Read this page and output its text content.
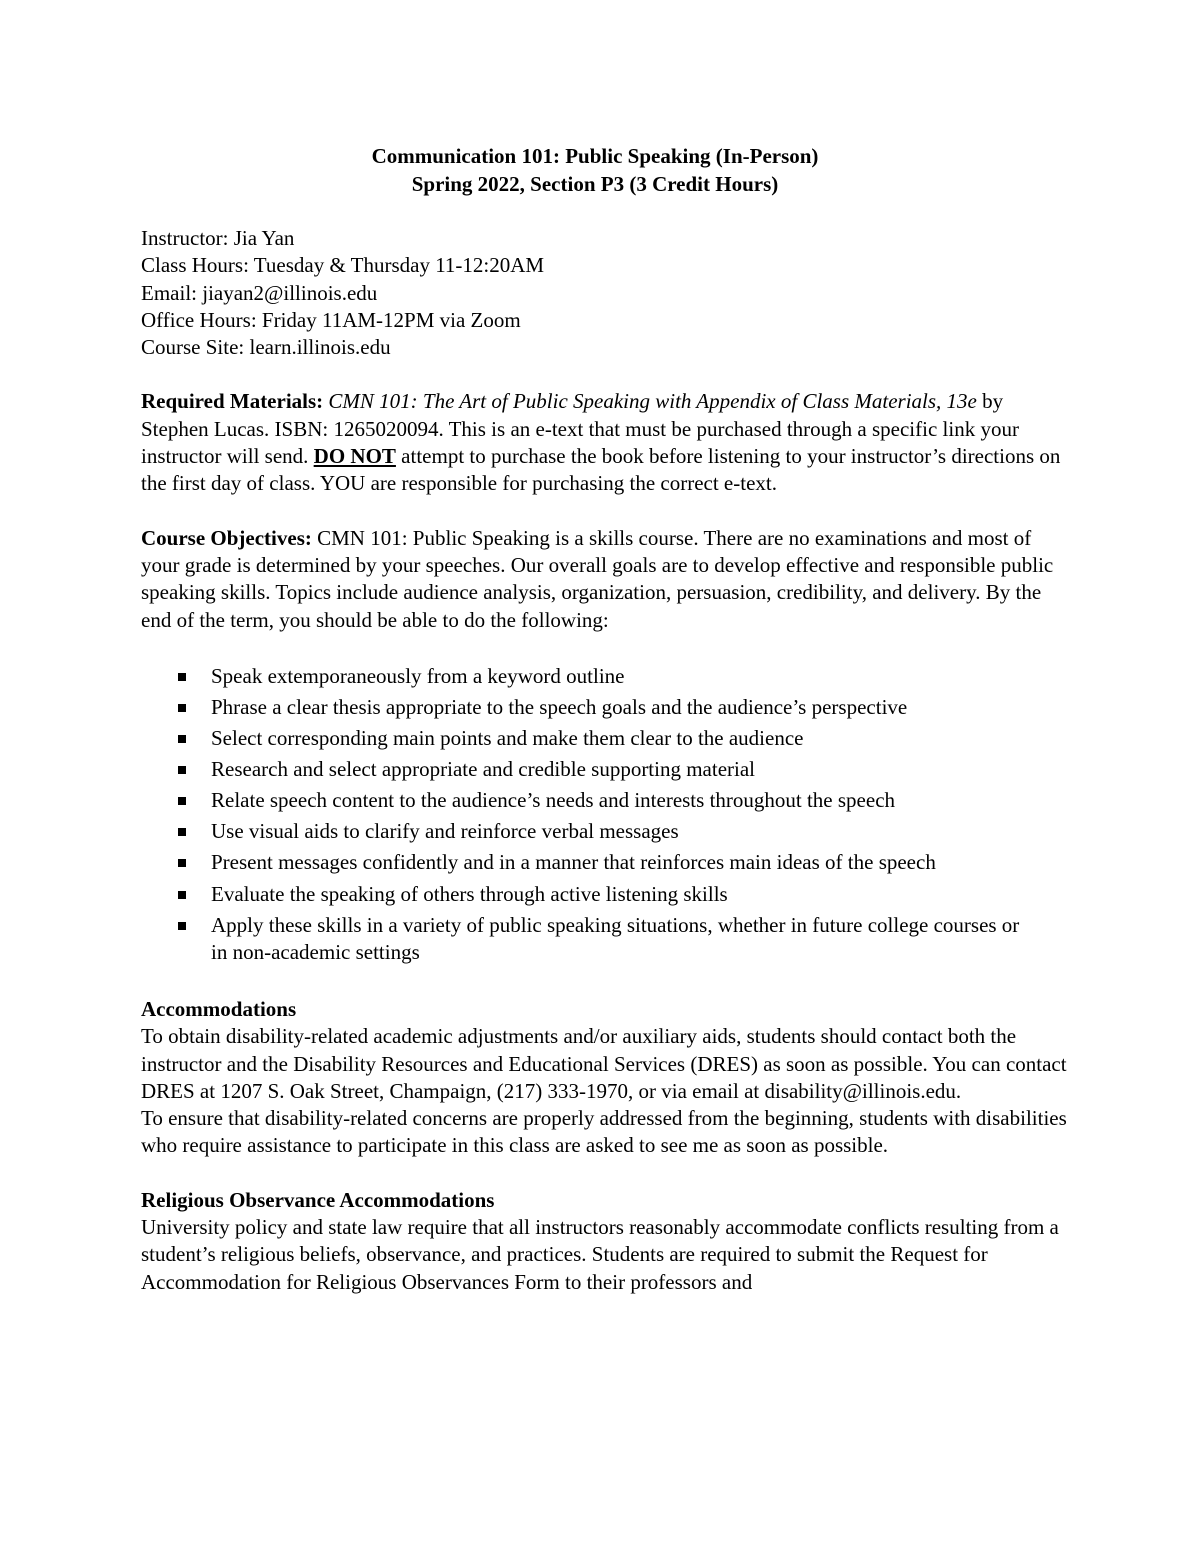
Communication 101: Public Speaking (In-Person)
Spring 2022, Section P3 (3 Credit Hours)
Instructor: Jia Yan
Class Hours: Tuesday & Thursday 11-12:20AM
Email: jiayan2@illinois.edu
Office Hours: Friday 11AM-12PM via Zoom
Course Site: learn.illinois.edu

Required Materials: CMN 101: The Art of Public Speaking with Appendix of Class Materials, 13e by Stephen Lucas. ISBN: 1265020094. This is an e-text that must be purchased through a specific link your instructor will send. DO NOT attempt to purchase the book before listening to your instructor’s directions on the first day of class. YOU are responsible for purchasing the correct e-text.

Course Objectives: CMN 101: Public Speaking is a skills course. There are no examinations and most of your grade is determined by your speeches. Our overall goals are to develop effective and responsible public speaking skills. Topics include audience analysis, organization, persuasion, credibility, and delivery. By the end of the term, you should be able to do the following:

Speak extemporaneously from a keyword outline
Phrase a clear thesis appropriate to the speech goals and the audience’s perspective
Select corresponding main points and make them clear to the audience
Research and select appropriate and credible supporting material
Relate speech content to the audience’s needs and interests throughout the speech
Use visual aids to clarify and reinforce verbal messages
Present messages confidently and in a manner that reinforces main ideas of the speech
Evaluate the speaking of others through active listening skills
Apply these skills in a variety of public speaking situations, whether in future college courses or in non-academic settings
Accommodations

To obtain disability-related academic adjustments and/or auxiliary aids, students should contact both the instructor and the Disability Resources and Educational Services (DRES) as soon as possible. You can contact DRES at 1207 S. Oak Street, Champaign, (217) 333-1970, or via email at disability@illinois.edu.

To ensure that disability-related concerns are properly addressed from the beginning, students with disabilities who require assistance to participate in this class are asked to see me as soon as possible.

Religious Observance Accommodations

University policy and state law require that all instructors reasonably accommodate conflicts resulting from a student’s religious beliefs, observance, and practices. Students are required to submit the Request for Accommodation for Religious Observances Form to their professors and
